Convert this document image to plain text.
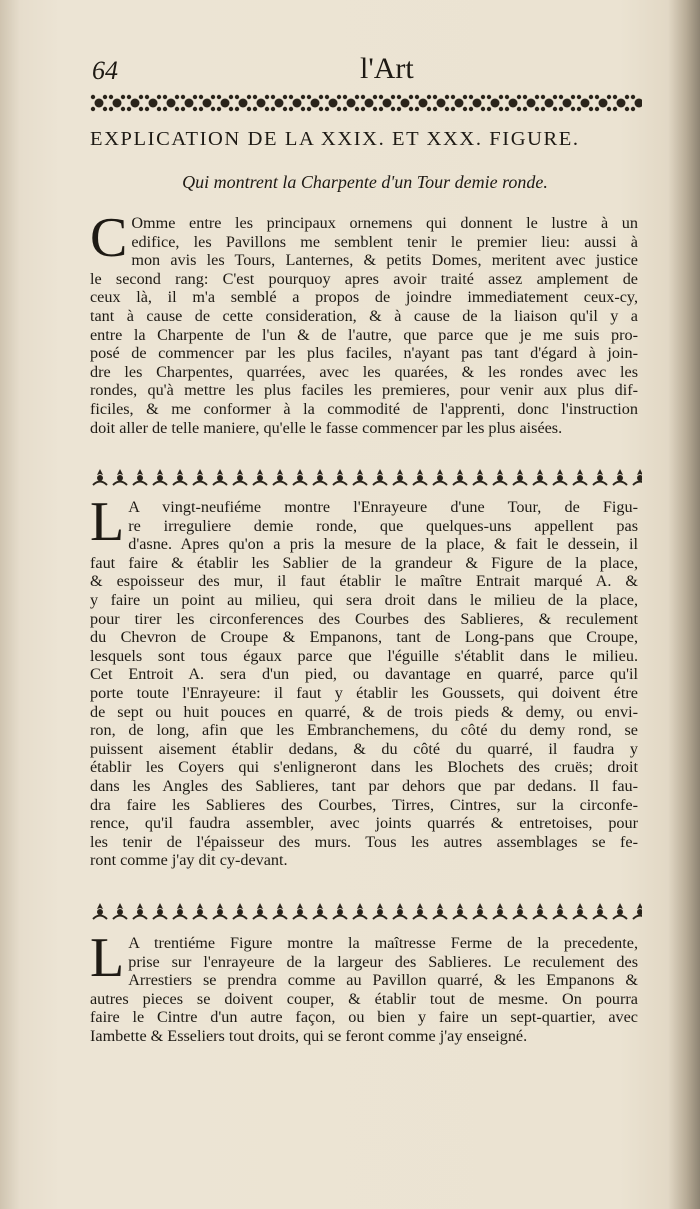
64	l'Art
EXPLICATION DE LA XXIX. ET XXX. FIGURE.
Qui montrent la Charpente d'un Tour demie ronde.
C Omme entre les principaux ornemens qui donnent le lustre à un
edifice, les Pavillons me semblent tenir le premier lieu: aussi à
mon avis les Tours, Lanternes, & petits Domes, meritent avec justice
le second rang: C'est pourquoy apres avoir traité assez amplement de
ceux là, il m'a semblé a propos de joindre immediatement ceux-cy,
tant à cause de cette consideration, & à cause de la liaison qu'il y a
entre la Charpente de l'un & de l'autre, que parce que je me suis pro-
posé de commencer par les plus faciles, n'ayant pas tant d'égard à join-
dre les Charpentes, quarrées, avec les quarées, & les rondes avec les
rondes, qu'à mettre les plus faciles les premieres, pour venir aux plus dif-
ficiles, & me conformer à la commodité de l'apprenti, donc l'instruction
doit aller de telle maniere, qu'elle le fasse commencer par les plus aisées.
L A vingt-neufiéme montre l'Enrayeure d'une Tour, de Figu-
re irreguliere demie ronde, que quelques-uns appellent pas
d'asne. Apres qu'on a pris la mesure de la place, & fait le dessein, il
faut faire & établir les Sablier de la grandeur & Figure de la place,
& espoisseur des mur, il faut établir le maître Entrait marqué A. &
y faire un point au milieu, qui sera droit dans le milieu de la place,
pour tirer les circonferences des Courbes des Sablieres, & reculement
du Chevron de Croupe & Empanons, tant de Long-pans que Croupe,
lesquels sont tous égaux parce que l'éguille s'établit dans le milieu.
Cet Entroit A. sera d'un pied, ou davantage en quarré, parce qu'il
porte toute l'Enrayeure: il faut y établir les Goussets, qui doivent étre
de sept ou huit pouces en quarré, & de trois pieds & demy, ou envi-
ron, de long, afin que les Embranchemens, du côté du demy rond, se
puissent aisement établir dedans, & du côté du quarré, il faudra y
établir les Coyers qui s'enligneront dans les Blochets des cruës; droit
dans les Angles des Sablieres, tant par dehors que par dedans. Il fau-
dra faire les Sablieres des Courbes, Tirres, Cintres, sur la circonfe-
rence, qu'il faudra assembler, avec joints quarrés & entretoises, pour
les tenir de l'épaisseur des murs. Tous les autres assemblages se fe-
ront comme j'ay dit cy-devant.
L A trentiéme Figure montre la maîtresse Ferme de la precedente,
prise sur l'enrayeure de la largeur des Sablieres. Le reculement des
Arrestiers se prendra comme au Pavillon quarré, & les Empanons &
autres pieces se doivent couper, & établir tout de mesme. On pourra
faire le Cintre d'un autre façon, ou bien y faire un sept-quartier, avec
Iambette & Esseliers tout droits, qui se feront comme j'ay enseigné.
